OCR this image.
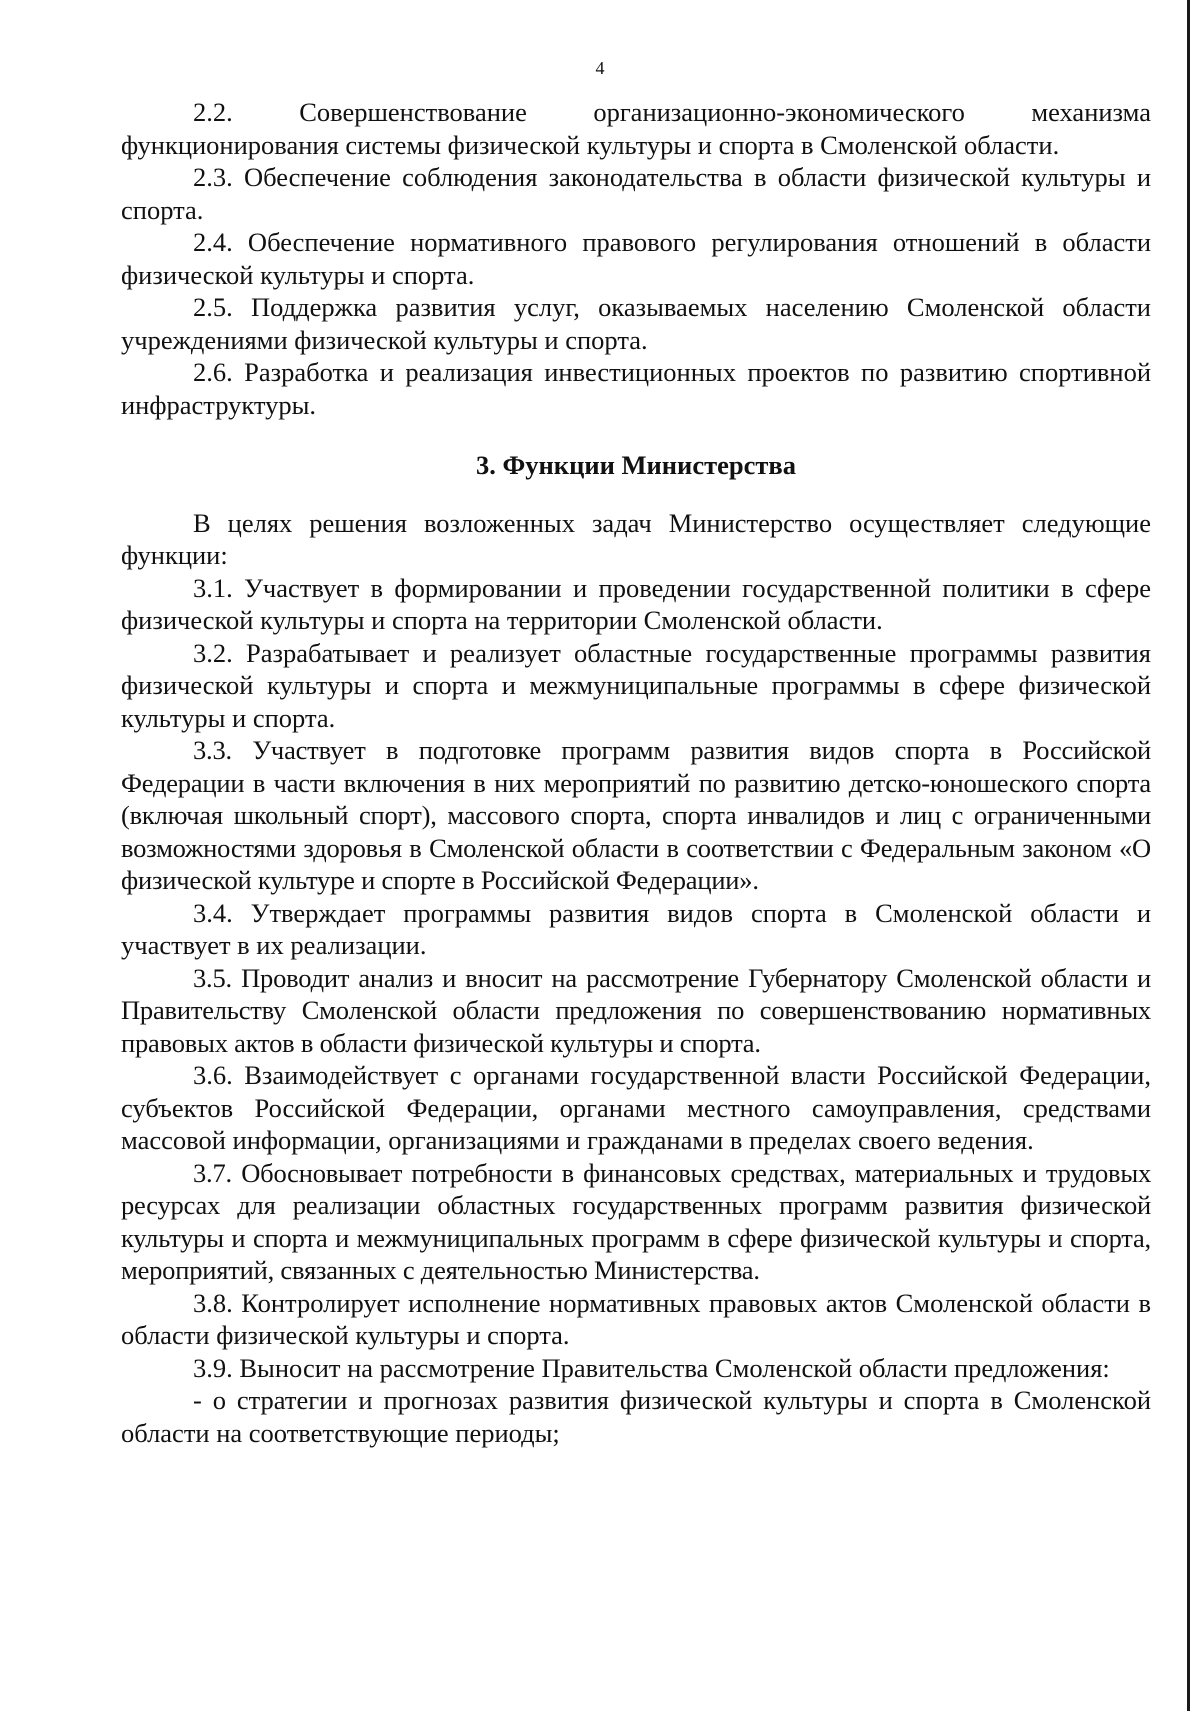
4

2.2. Совершенствование организационно-экономического механизма функционирования системы физической культуры и спорта в Смоленской области.

2.3. Обеспечение соблюдения законодательства в области физической культуры и спорта.

2.4. Обеспечение нормативного правового регулирования отношений в области физической культуры и спорта.

2.5. Поддержка развития услуг, оказываемых населению Смоленской области учреждениями физической культуры и спорта.

2.6. Разработка и реализация инвестиционных проектов по развитию спортивной инфраструктуры.

3. Функции Министерства

В целях решения возложенных задач Министерство осуществляет следующие функции:

3.1. Участвует в формировании и проведении государственной политики в сфере физической культуры и спорта на территории Смоленской области.

3.2. Разрабатывает и реализует областные государственные программы развития физической культуры и спорта и межмуниципальные программы в сфере физической культуры и спорта.

3.3. Участвует в подготовке программ развития видов спорта в Российской Федерации в части включения в них мероприятий по развитию детско-юношеского спорта (включая школьный спорт), массового спорта, спорта инвалидов и лиц с ограниченными возможностями здоровья в Смоленской области в соответствии с Федеральным законом «О физической культуре и спорте в Российской Федерации».

3.4. Утверждает программы развития видов спорта в Смоленской области и участвует в их реализации.

3.5. Проводит анализ и вносит на рассмотрение Губернатору Смоленской области и Правительству Смоленской области предложения по совершенствованию нормативных правовых актов в области физической культуры и спорта.

3.6. Взаимодействует с органами государственной власти Российской Федерации, субъектов Российской Федерации, органами местного самоуправления, средствами массовой информации, организациями и гражданами в пределах своего ведения.

3.7. Обосновывает потребности в финансовых средствах, материальных и трудовых ресурсах для реализации областных государственных программ развития физической культуры и спорта и межмуниципальных программ в сфере физической культуры и спорта, мероприятий, связанных с деятельностью Министерства.

3.8. Контролирует исполнение нормативных правовых актов Смоленской области в области физической культуры и спорта.

3.9. Выносит на рассмотрение Правительства Смоленской области предложения:

- о стратегии и прогнозах развития физической культуры и спорта в Смоленской области на соответствующие периоды;
